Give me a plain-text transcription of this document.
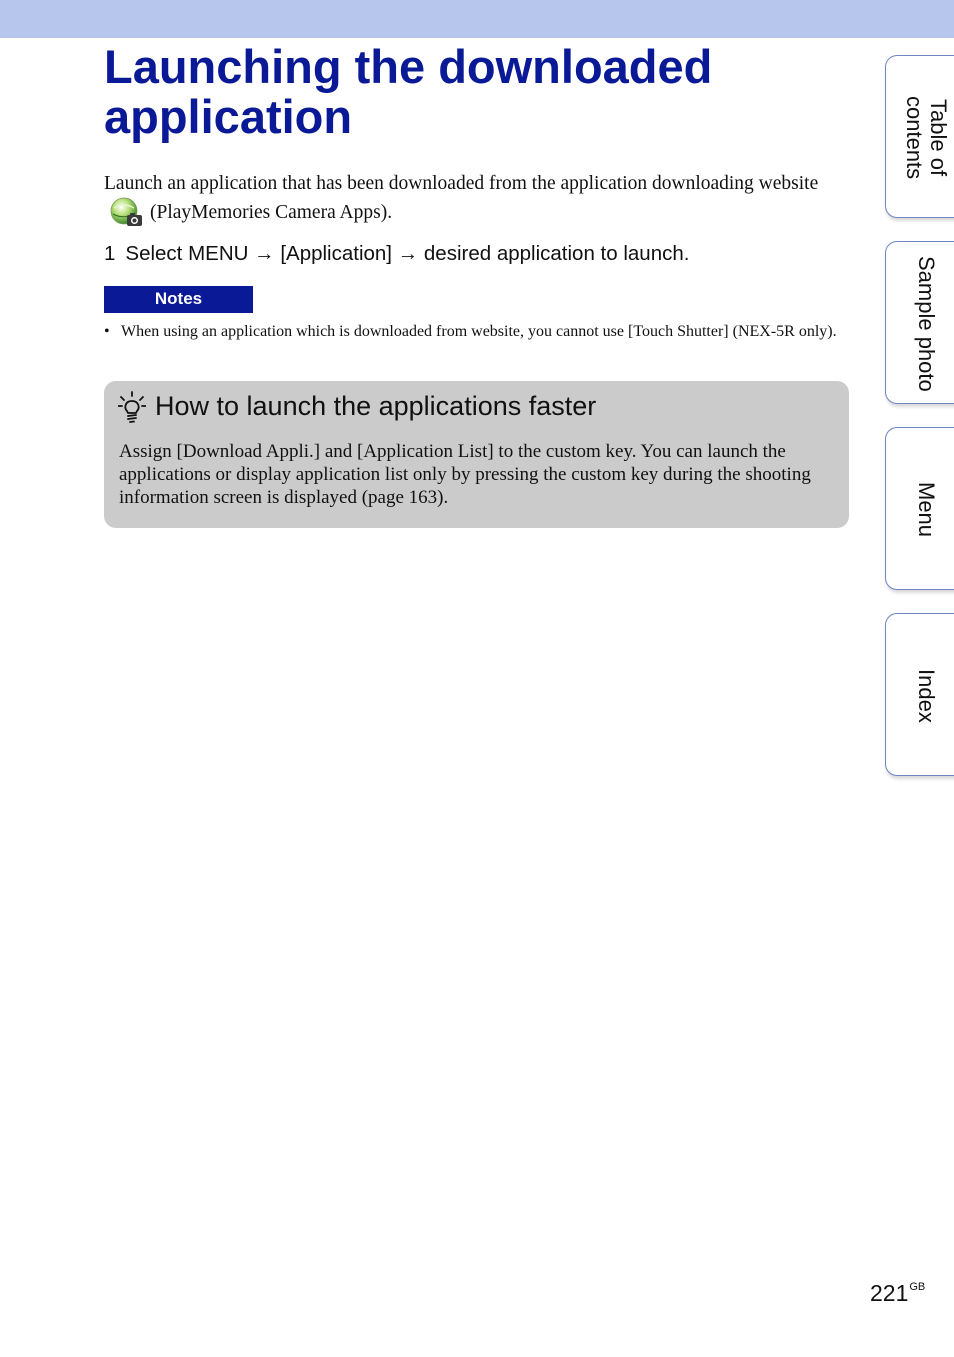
Launching the downloaded application

Launch an application that has been downloaded from the application downloading website(PlayMemories Camera Apps).

1 Select MENU → [Application] → desired application to launch.
Notes
• When using an application which is downloaded from website, you cannot use [Touch Shutter] (NEX-5R only).
How to launch the applications faster
Assign [Download Appli.] and [Application List] to the custom key. You can launch the applications or display application list only by pressing the custom key during the shooting information screen is displayed (page 163).
Table of contents
Sample photo
Menu
Index
$221^{GB}$
